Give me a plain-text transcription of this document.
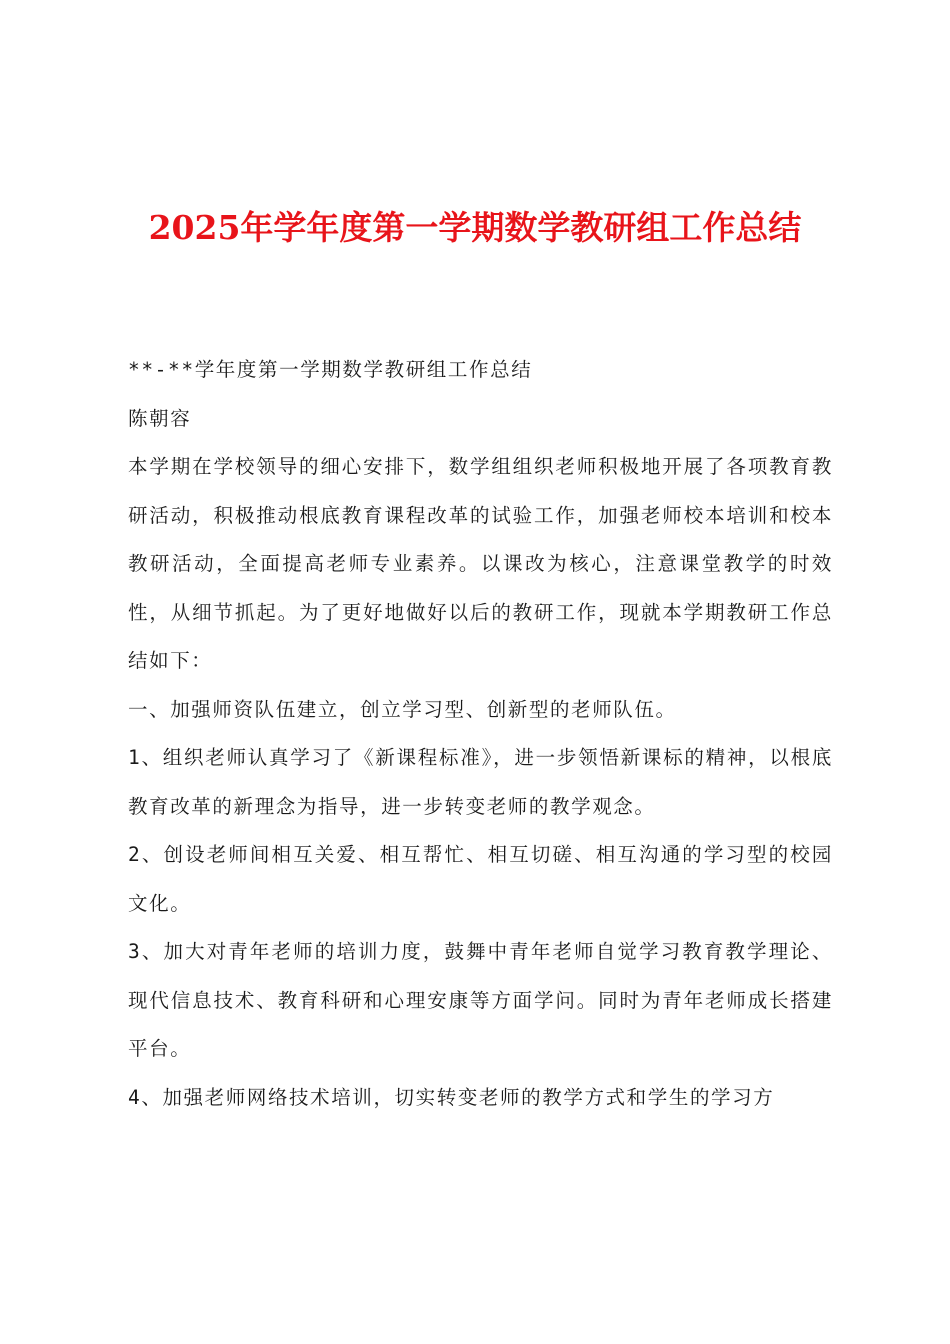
2025年学年度第一学期数学教研组工作总结

**-**学年度第一学期数学教研组工作总结

陈朝容

本学期在学校领导的细心安排下，数学组组织老师积极地开展了各项教育教研活动，积极推动根底教育课程改革的试验工作，加强老师校本培训和校本教研活动，全面提高老师专业素养。以课改为核心，注意课堂教学的时效性，从细节抓起。为了更好地做好以后的教研工作，现就本学期教研工作总结如下：

一、加强师资队伍建立，创立学习型、创新型的老师队伍。

1、组织老师认真学习了《新课程标准》，进一步领悟新课标的精神，以根底教育改革的新理念为指导，进一步转变老师的教学观念。

2、创设老师间相互关爱、相互帮忙、相互切磋、相互沟通的学习型的校园文化。

3、加大对青年老师的培训力度，鼓舞中青年老师自觉学习教育教学理论、现代信息技术、教育科研和心理安康等方面学问。同时为青年老师成长搭建平台。

4、加强老师网络技术培训，切实转变老师的教学方式和学生的学习方
